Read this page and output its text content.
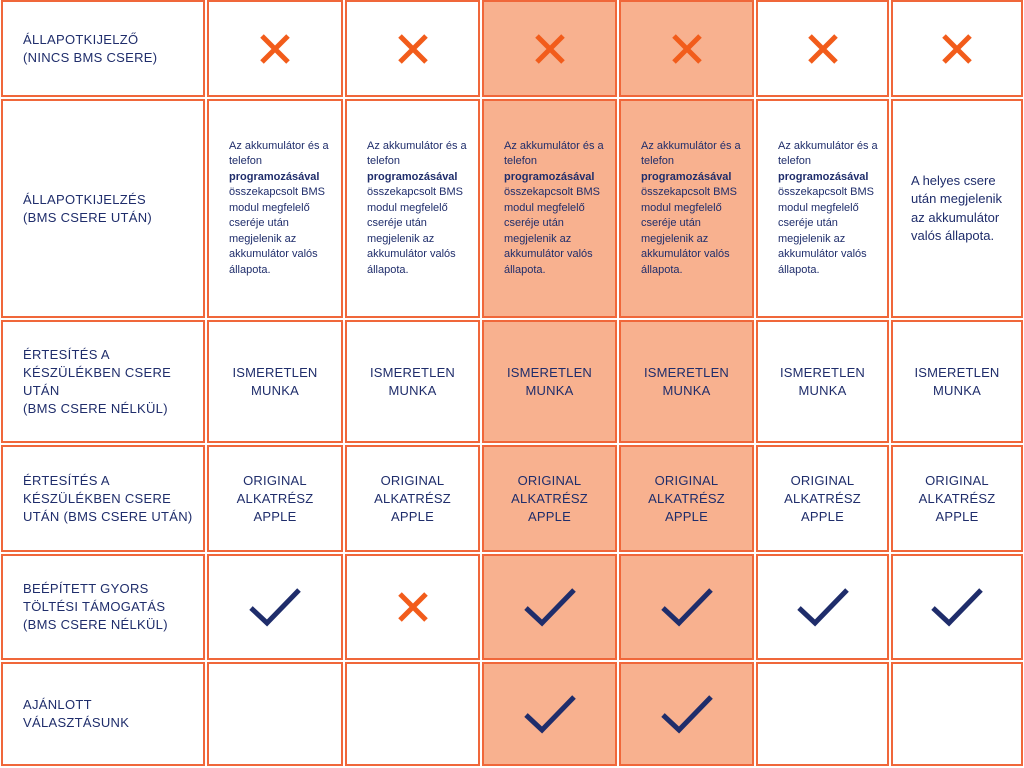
ÁLLAPOTKIJELZŐ
(NINCS BMS CSERE)
ÁLLAPOTKIJELZÉS
(BMS CSERE UTÁN)
Az akkumulátor és a telefon programozásával összekapcsolt BMS modul megfelelő cseréje után megjelenik az akkumulátor valós állapota.
Az akkumulátor és a telefon programozásával összekapcsolt BMS modul megfelelő cseréje után megjelenik az akkumulátor valós állapota.
Az akkumulátor és a telefon programozásával összekapcsolt BMS modul megfelelő cseréje után megjelenik az akkumulátor valós állapota.
Az akkumulátor és a telefon programozásával összekapcsolt BMS modul megfelelő cseréje után megjelenik az akkumulátor valós állapota.
Az akkumulátor és a telefon programozásával összekapcsolt BMS modul megfelelő cseréje után megjelenik az akkumulátor valós állapota.
A helyes csere után megjelenik az akkumulátor valós állapota.
ÉRTESÍTÉS A
KÉSZÜLÉKBEN CSERE
UTÁN
(BMS CSERE NÉLKÜL)
ISMERETLEN
MUNKA
ISMERETLEN
MUNKA
ISMERETLEN
MUNKA
ISMERETLEN
MUNKA
ISMERETLEN
MUNKA
ISMERETLEN
MUNKA
ÉRTESÍTÉS A
KÉSZÜLÉKBEN CSERE
UTÁN (BMS CSERE UTÁN)
ORIGINAL
ALKATRÉSZ
APPLE
ORIGINAL
ALKATRÉSZ
APPLE
ORIGINAL
ALKATRÉSZ
APPLE
ORIGINAL
ALKATRÉSZ
APPLE
ORIGINAL
ALKATRÉSZ
APPLE
ORIGINAL
ALKATRÉSZ
APPLE
BEÉPÍTETT GYORS
TÖLTÉSI TÁMOGATÁS
(BMS CSERE NÉLKÜL)
AJÁNLOTT
VÁLASZTÁSUNK
